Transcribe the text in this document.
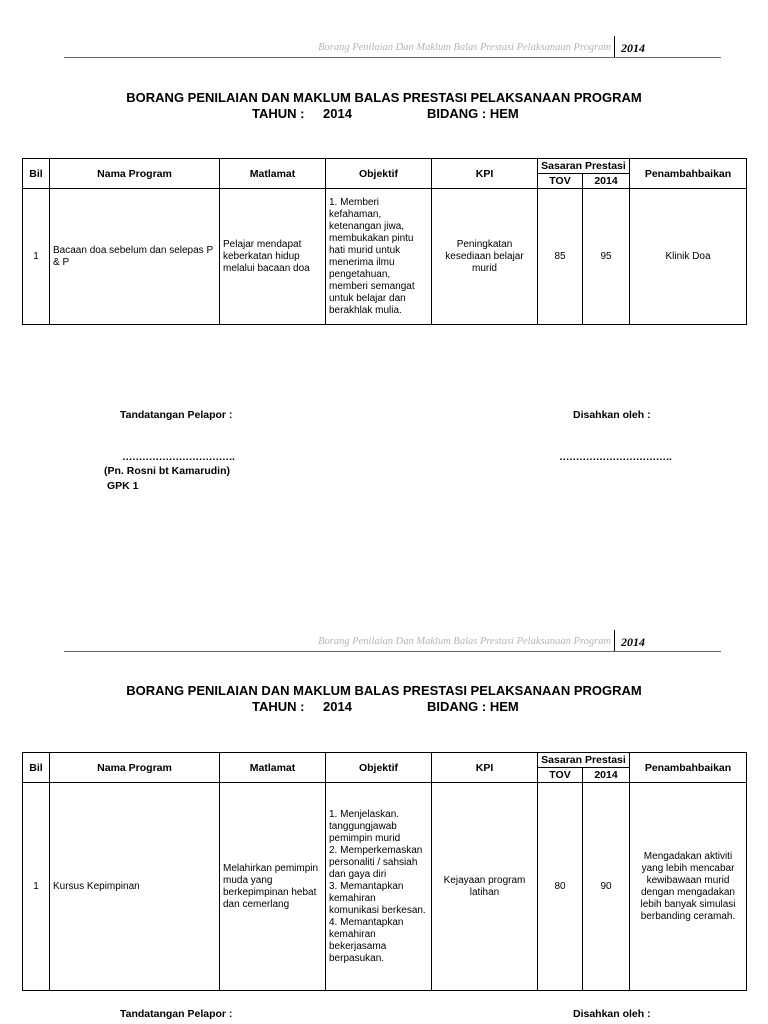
Borang Penilaian Dan Maklum Balas Prestasi Pelaksanaan Program 2014
BORANG PENILAIAN DAN MAKLUM BALAS PRESTASI PELAKSANAAN PROGRAM
TAHUN : 2014	BIDANG : HEM
Bil	Nama Program	Matlamat	Objektif	KPI	Sasaran Prestasi		Penambahbaikan
					TOV	2014	
1	Bacaan doa sebelum dan selepas P & P	Pelajar mendapat keberkatan hidup melalui bacaan doa	1. Memberi kefahaman, ketenangan jiwa, membukakan pintu hati murid untuk menerima ilmu pengetahuan, memberi semangat untuk belajar dan berakhlak mulia.	Peningkatan kesediaan belajar murid	85	95	Klinik Doa
Tandatangan Pelapor :	Disahkan oleh :
…………………………….	…………………………….
(Pn. Rosni bt Kamarudin)
GPK 1
Borang Penilaian Dan Maklum Balas Prestasi Pelaksanaan Program 2014
BORANG PENILAIAN DAN MAKLUM BALAS PRESTASI PELAKSANAAN PROGRAM
TAHUN : 2014	BIDANG : HEM
Bil	Nama Program	Matlamat	Objektif	KPI	Sasaran Prestasi		Penambahbaikan
					TOV	2014	
1	Kursus Kepimpinan	Melahirkan pemimpin muda yang berkepimpinan hebat dan cemerlang	1. Menjelaskan. tanggungjawab pemimpin murid
2. Memperkemaskan personaliti / sahsiah dan gaya diri
3. Memantapkan kemahiran komunikasi berkesan.
4. Memantapkan kemahiran bekerjasama berpasukan.	Kejayaan program latihan	80	90	Mengadakan aktiviti yang lebih mencabar kewibawaan murid dengan mengadakan lebih banyak simulasi berbanding ceramah.
Tandatangan Pelapor :	Disahkan oleh :
